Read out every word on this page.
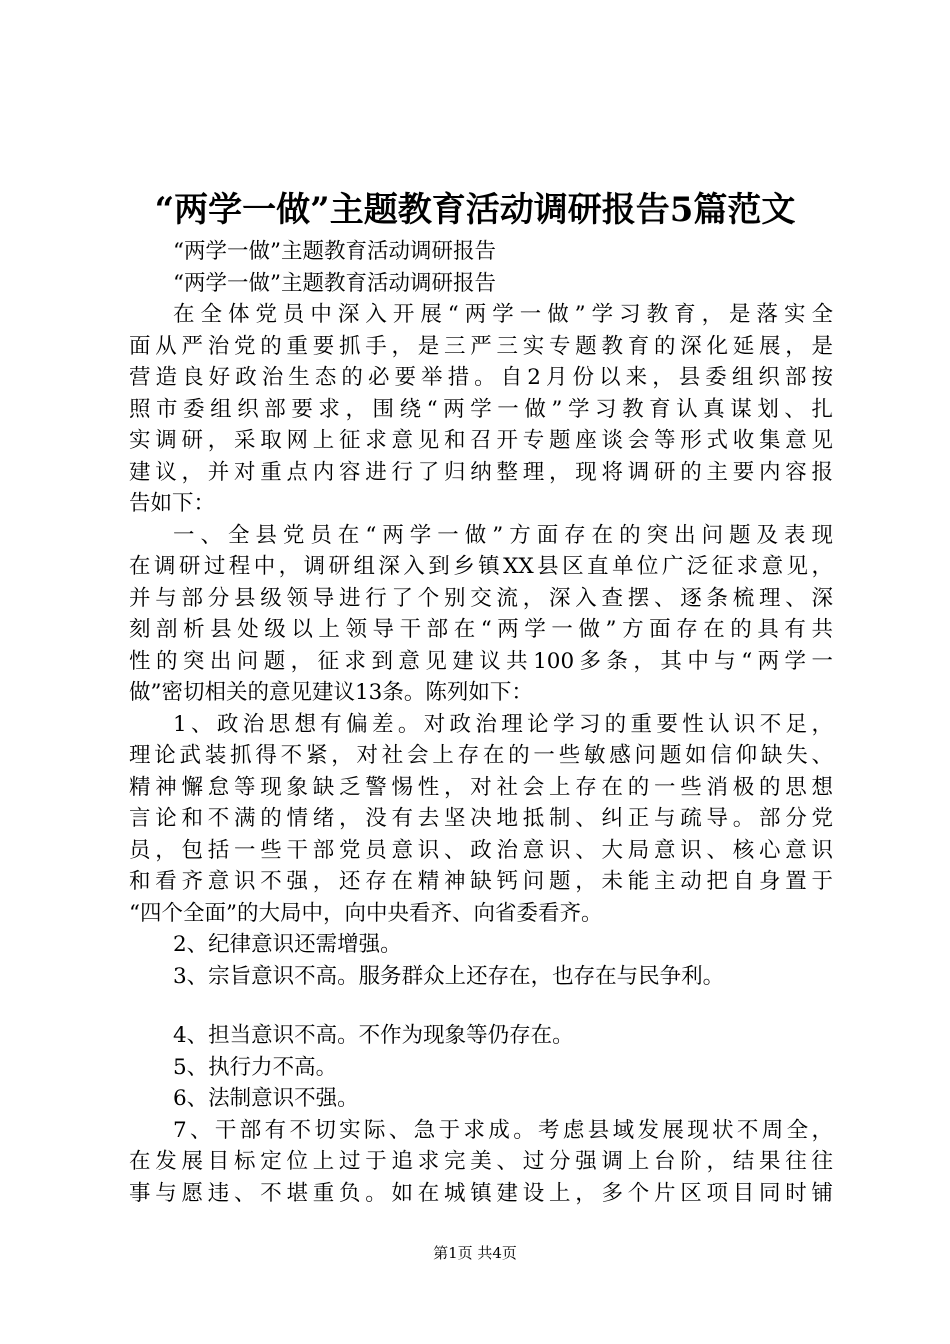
“两学一做”主题教育活动调研报告5篇范文
“两学一做”主题教育活动调研报告
“两学一做”主题教育活动调研报告
在全体党员中深入开展“两学一做”学习教育，是落实全
面从严治党的重要抓手，是三严三实专题教育的深化延展，是
营造良好政治生态的必要举措。自2月份以来，县委组织部按
照市委组织部要求，围绕“两学一做”学习教育认真谋划、扎
实调研，采取网上征求意见和召开专题座谈会等形式收集意见
建议，并对重点内容进行了归纳整理，现将调研的主要内容报
告如下：
一、全县党员在“两学一做”方面存在的突出问题及表现
在调研过程中，调研组深入到乡镇XX县区直单位广泛征求意见，
并与部分县级领导进行了个别交流，深入查摆、逐条梳理、深
刻剖析县处级以上领导干部在“两学一做”方面存在的具有共
性的突出问题，征求到意见建议共100多条，其中与“两学一
做”密切相关的意见建议13条。陈列如下：
1、政治思想有偏差。对政治理论学习的重要性认识不足，
理论武装抓得不紧，对社会上存在的一些敏感问题如信仰缺失、
精神懈怠等现象缺乏警惕性，对社会上存在的一些消极的思想
言论和不满的情绪，没有去坚决地抵制、纠正与疏导。部分党
员，包括一些干部党员意识、政治意识、大局意识、核心意识
和看齐意识不强，还存在精神缺钙问题，未能主动把自身置于
“四个全面”的大局中，向中央看齐、向省委看齐。
2、纪律意识还需增强。
3、宗旨意识不高。服务群众上还存在，也存在与民争利。
4、担当意识不高。不作为现象等仍存在。
5、执行力不高。
6、法制意识不强。
7、干部有不切实际、急于求成。考虑县域发展现状不周全，
在发展目标定位上过于追求完美、过分强调上台阶，结果往往
事与愿违、不堪重负。如在城镇建设上，多个片区项目同时铺
第1页 共4页
